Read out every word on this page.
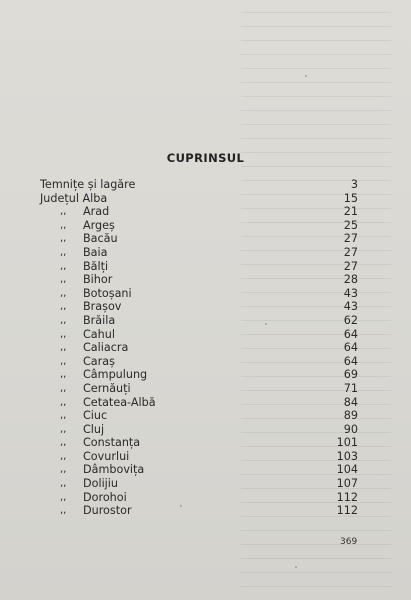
CUPRINSUL
Temnițe și lagăre	3
Județul Alba	15
,, Arad	21
,, Argeș	25
,, Bacău	27
,, Baia	27
,, Bălți	27
,, Bihor	28
,, Botoșani	43
,, Brașov	43
,, Brăila	62
,, Cahul	64
,, Caliacra	64
,, Caraș	64
,, Câmpulung	69
,, Cernăuți	71
,, Cetatea-Albă	84
,, Ciuc	89
,, Cluj	90
,, Constanța	101
,, Covurlui	103
,, Dâmbovița	104
,, Dolijiu	107
,, Dorohoi	112
,, Durostor	112
369
